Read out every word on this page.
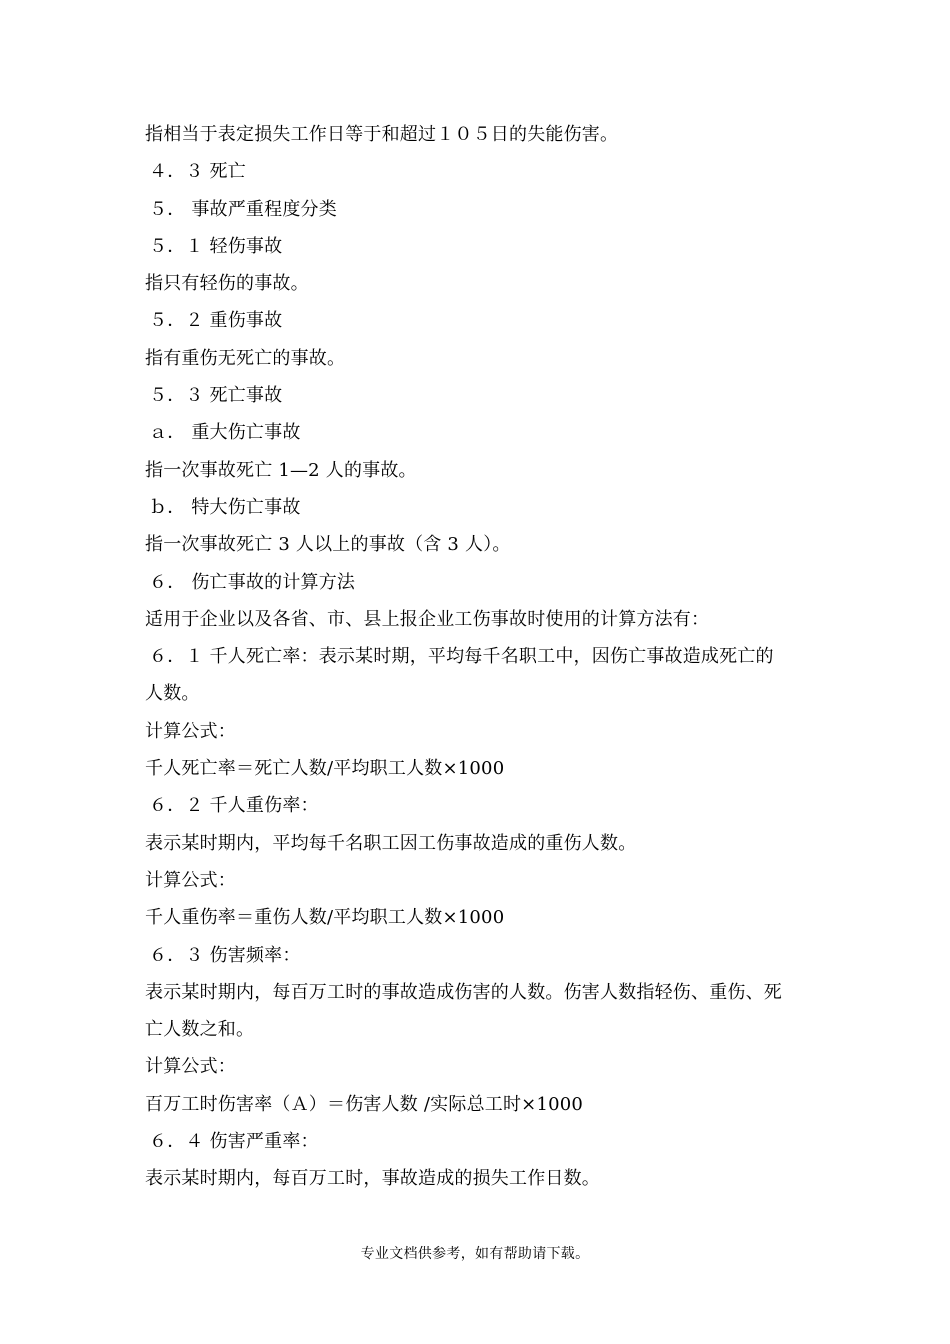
指相当于表定损失工作日等于和超过１０５日的失能伤害。
４．３ 死亡
５． 事故严重程度分类
５．１ 轻伤事故
指只有轻伤的事故。
５．２ 重伤事故
指有重伤无死亡的事故。
５．３ 死亡事故
ａ． 重大伤亡事故
指一次事故死亡 1—2 人的事故。
ｂ． 特大伤亡事故
指一次事故死亡 3 人以上的事故（含 3 人）。
６． 伤亡事故的计算方法
适用于企业以及各省、市、县上报企业工伤事故时使用的计算方法有：
６．１ 千人死亡率：表示某时期，平均每千名职工中，因伤亡事故造成死亡的
人数。
计算公式：
千人死亡率＝死亡人数/平均职工人数×1000
６．２ 千人重伤率：
表示某时期内，平均每千名职工因工伤事故造成的重伤人数。
计算公式：
千人重伤率＝重伤人数/平均职工人数×1000
６．３ 伤害频率：
表示某时期内，每百万工时的事故造成伤害的人数。伤害人数指轻伤、重伤、死
亡人数之和。
计算公式：
百万工时伤害率（Ａ）＝伤害人数 /实际总工时×1000
６．４ 伤害严重率：
表示某时期内，每百万工时，事故造成的损失工作日数。
专业文档供参考，如有帮助请下载。
